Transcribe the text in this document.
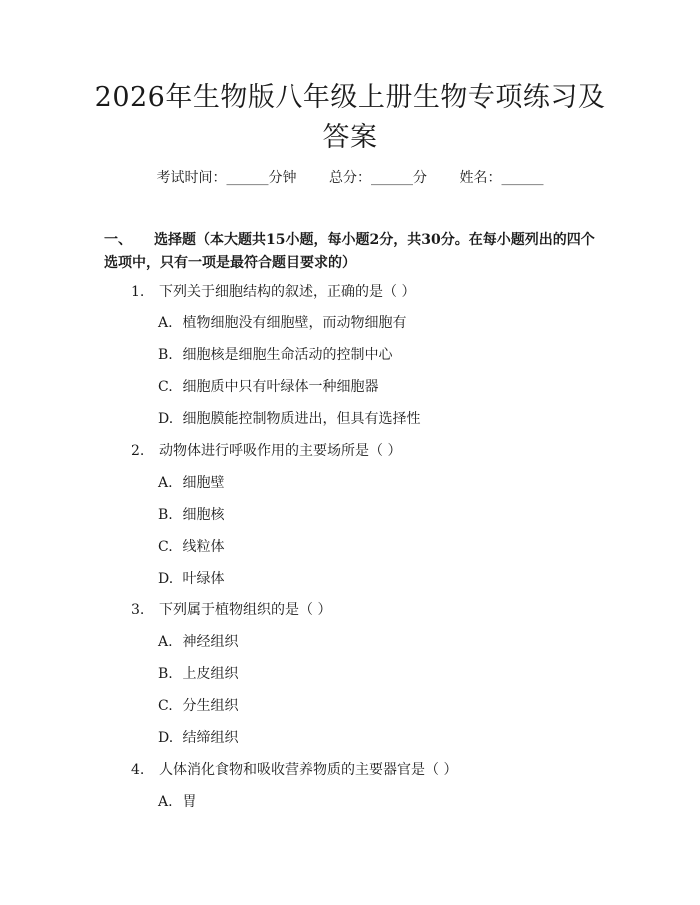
2026年生物版八年级上册生物专项练习及答案
考试时间：______分钟 总分：______分 姓名：______

一、 选择题（本大题共15小题，每小题2分，共30分。在每小题列出的四个选项中，只有一项是最符合题目要求的）

1. 下列关于细胞结构的叙述，正确的是（ ）
A. 植物细胞没有细胞壁，而动物细胞有
B. 细胞核是细胞生命活动的控制中心
C. 细胞质中只有叶绿体一种细胞器
D. 细胞膜能控制物质进出，但具有选择性
2. 动物体进行呼吸作用的主要场所是（ ）
A. 细胞壁
B. 细胞核
C. 线粒体
D. 叶绿体
3. 下列属于植物组织的是（ ）
A. 神经组织
B. 上皮组织
C. 分生组织
D. 结缔组织
4. 人体消化食物和吸收营养物质的主要器官是（ ）
A. 胃
